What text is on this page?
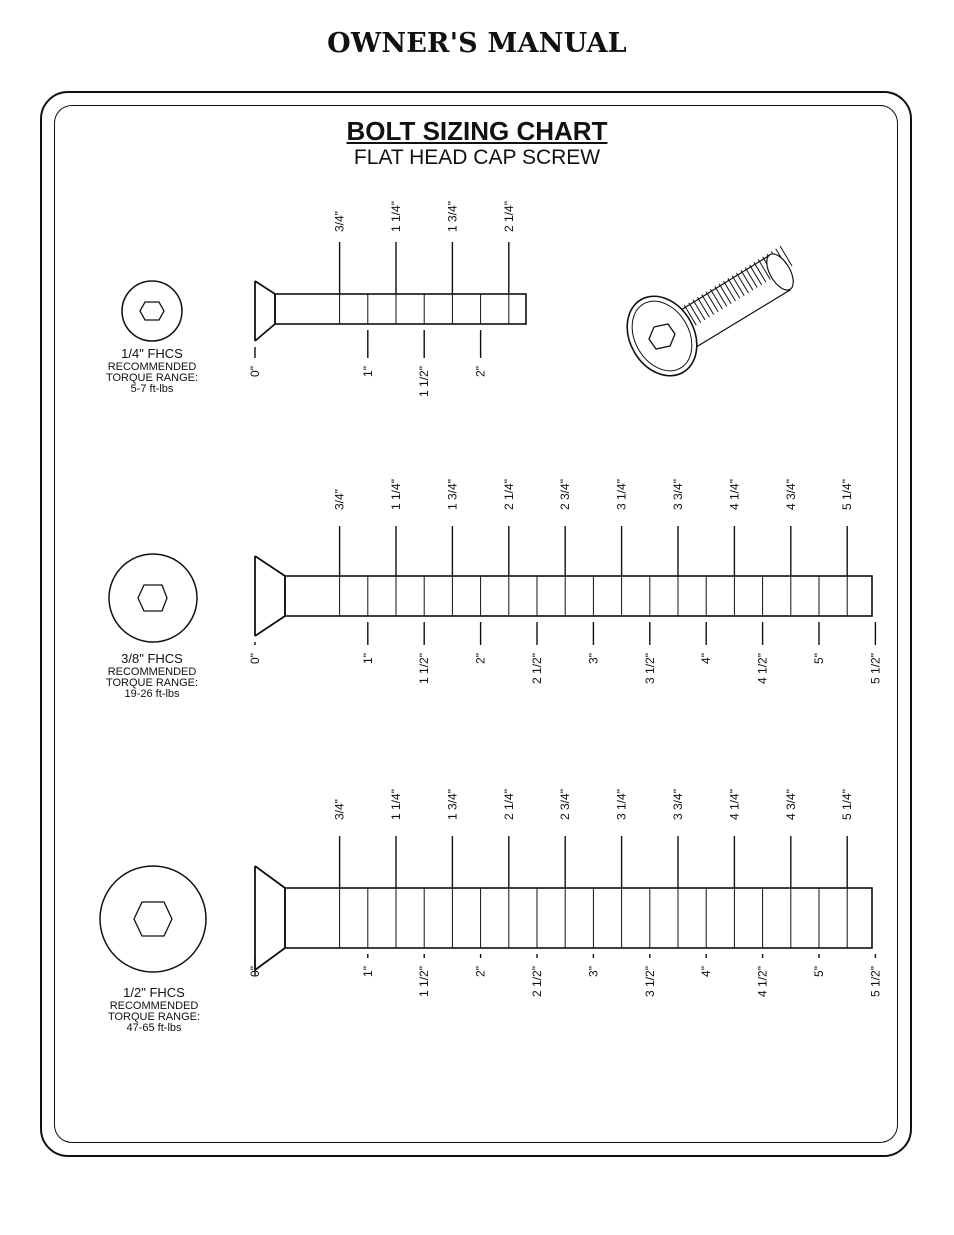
OWNER'S MANUAL
BOLT SIZING CHART
FLAT HEAD CAP SCREW
1/4" FHCS
RECOMMENDED
TORQUE RANGE:
5-7 ft-lbs
3/8" FHCS
RECOMMENDED
TORQUE RANGE:
19-26 ft-lbs
1/2" FHCS
RECOMMENDED
TORQUE RANGE:
47-65 ft-lbs
3/4"	1 1/4"	1 3/4"	2 1/4"
0"	1"	1 1/2"	2"
3/4"	1 1/4"	1 3/4"	2 1/4"	2 3/4"	3 1/4"	3 3/4"	4 1/4"	4 3/4"	5 1/4"
0"	1"	1 1/2"	2"	2 1/2"	3"	3 1/2"	4"	4 1/2"	5"	5 1/2"
3/4"	1 1/4"	1 3/4"	2 1/4"	2 3/4"	3 1/4"	3 3/4"	4 1/4"	4 3/4"	5 1/4"
0"	1"	1 1/2"	2"	2 1/2"	3"	3 1/2"	4"	4 1/2"	5"	5 1/2"
